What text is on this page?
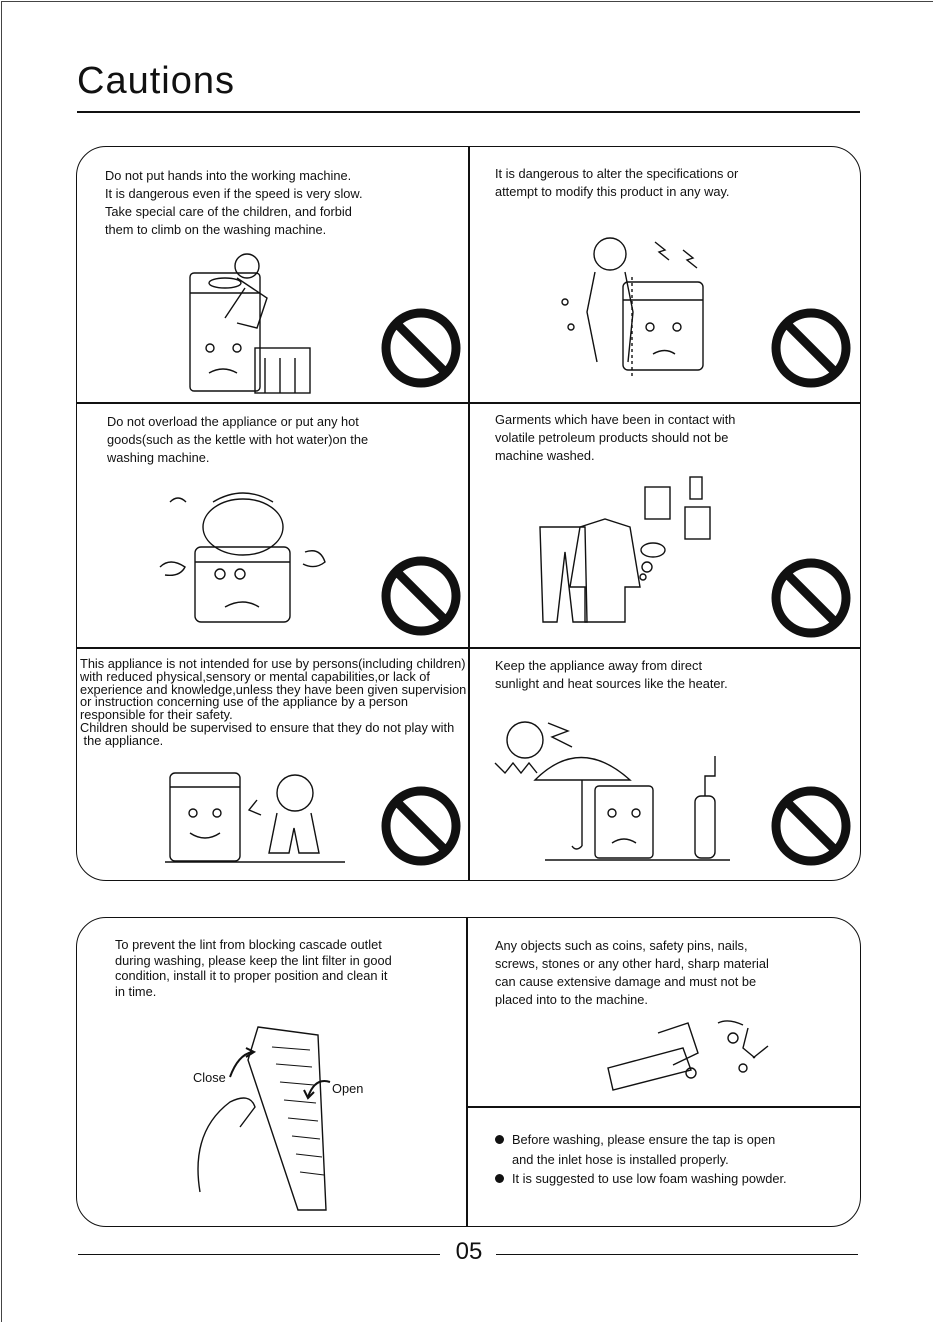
Cautions
Do not put hands into the working machine.
It is dangerous even if the speed is very slow.
Take special care of the children, and forbid
them to climb on the washing machine.
It is dangerous to alter the specifications or
attempt to modify this product in any way.
Do not overload the appliance or put any hot
goods(such as the kettle with hot water)on the
washing machine.
Garments which have been in contact with
volatile petroleum products should not be
machine washed.
This appliance is not intended for use by persons(including children)
with reduced physical,sensory or mental capabilities,or lack of
experience and knowledge,unless they have been given supervision
or instruction concerning use of the appliance by a person
responsible for their safety.
Children should be supervised to ensure that they do not play with
the appliance.
Keep the appliance away from direct
sunlight and heat sources like the heater.
To prevent the lint from blocking cascade outlet
during washing, please keep the lint filter in good
condition, install it to proper position and clean it
in time.
Any objects such as coins, safety pins, nails,
screws, stones or any other hard, sharp material
can cause extensive damage and must not be
placed into to the machine.
Close
Open
Before washing, please ensure the tap is open
and the inlet hose is installed properly.
It is suggested to use low foam washing powder.
05
